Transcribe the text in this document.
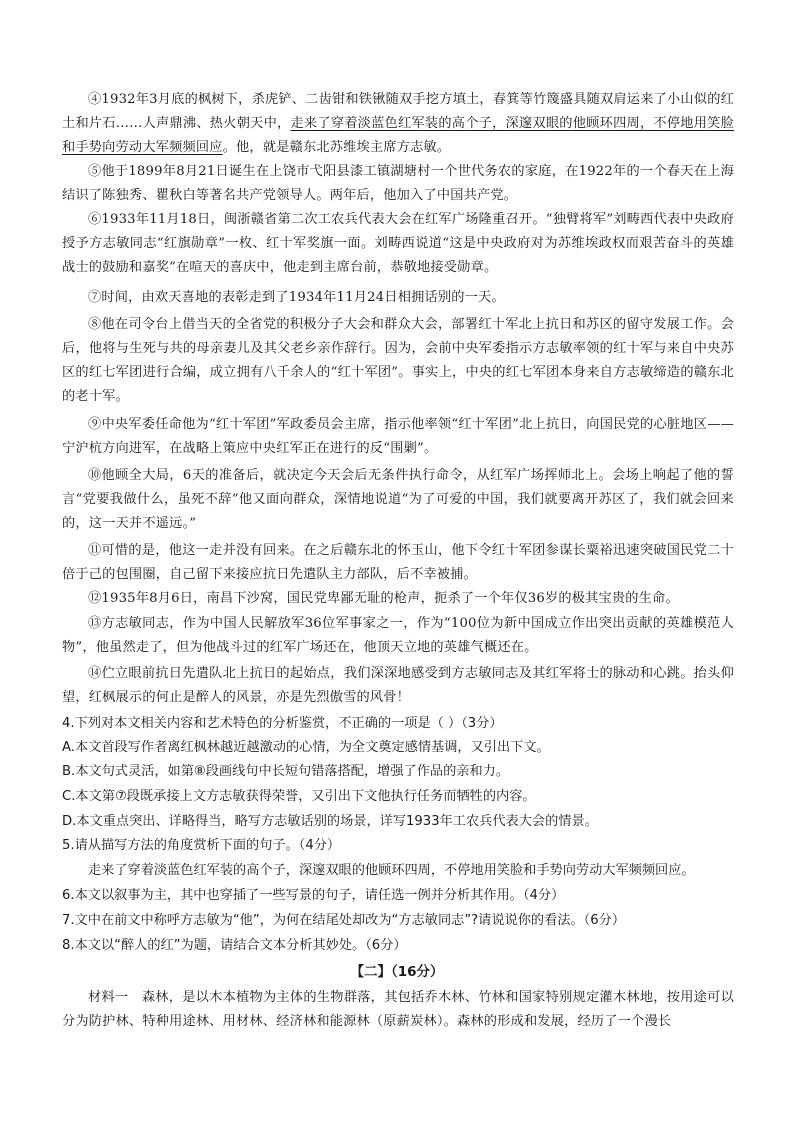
④1932年3月底的枫树下，杀虎铲、二齿钳和铁锹随双手挖方填土，春箕等竹篾盛具随双肩运来了小山似的红土和片石……人声鼎沸、热火朝天中，走来了穿着淡蓝色红军装的高个子，深邃双眼的他顾环四周，不停地用笑脸和手势向劳动大军频频回应。他，就是赣东北苏维埃主席方志敏。

⑤他于1899年8月21日诞生在上饶市弋阳县漆工镇湖塘村一个世代务农的家庭，在1922年的一个春天在上海结识了陈独秀、瞿秋白等著名共产党领导人。两年后，他加入了中国共产党。

⑥1933年11月18日，闽浙赣省第二次工农兵代表大会在红军广场隆重召开。“独臂将军”刘畴西代表中央政府授予方志敏同志“红旗勋章”一枚、红十军奖旗一面。刘畴西说道“这是中央政府对为苏维埃政权而艰苦奋斗的英雄战士的鼓励和嘉奖”在喧天的喜庆中，他走到主席台前，恭敬地接受勋章。

⑦时间，由欢天喜地的表彰走到了1934年11月24日相拥话别的一天。

⑧他在司令台上借当天的全省党的积极分子大会和群众大会，部署红十军北上抗日和苏区的留守发展工作。会后，他将与生死与共的母亲妻儿及其父老乡亲作辞行。因为，会前中央军委指示方志敏率领的红十军与来自中央苏区的红七军团进行合编，成立拥有八千余人的“红十军团”。事实上，中央的红七军团本身来自方志敏缔造的赣东北的老十军。

⑨中央军委任命他为“红十军团”军政委员会主席，指示他率领“红十军团”北上抗日，向国民党的心脏地区——宁沪杭方向进军，在战略上策应中央红军正在进行的反“围剿”。

⑩他顾全大局，6天的准备后，就决定今天会后无条件执行命令，从红军广场挥师北上。会场上响起了他的誓言“党要我做什么，虽死不辞”他又面向群众，深情地说道“为了可爱的中国，我们就要离开苏区了，我们就会回来的，这一天并不遥远。”

⑪可惜的是，他这一走并没有回来。在之后赣东北的怀玉山，他下令红十军团参谋长粟裕迅速突破国民党二十倍于己的包围圈，自己留下来接应抗日先遣队主力部队，后不幸被捕。

⑫1935年8月6日，南昌下沙窝，国民党卑鄙无耻的枪声，扼杀了一个年仅36岁的极其宝贵的生命。

⑬方志敏同志，作为中国人民解放军36位军事家之一，作为“100位为新中国成立作出突出贡献的英雄模范人物”，他虽然走了，但为他战斗过的红军广场还在，他顶天立地的英雄气概还在。

⑭伫立眼前抗日先遣队北上抗日的起始点，我们深深地感受到方志敏同志及其红军将士的脉动和心跳。抬头仰望，红枫展示的何止是醉人的风景，亦是先烈傲雪的风骨！

4.下列对本文相关内容和艺术特色的分析鉴赏，不正确的一项是（ ）（3分）

A.本文首段写作者离红枫林越近越激动的心情，为全文奠定感情基调，又引出下文。

B.本文句式灵活，如第⑧段画线句中长短句错落搭配，增强了作品的亲和力。

C.本文第⑦段既承接上文方志敏获得荣誉，又引出下文他执行任务而牺牲的内容。

D.本文重点突出、详略得当，略写方志敏话别的场景，详写1933年工农兵代表大会的情景。

5.请从描写方法的角度赏析下面的句子。（4分）

走来了穿着淡蓝色红军装的高个子，深邃双眼的他顾环四周，不停地用笑脸和手势向劳动大军频频回应。

6.本文以叙事为主，其中也穿插了一些写景的句子，请任选一例并分析其作用。（4分）

7.文中在前文中称呼方志敏为“他”，为何在结尾处却改为“方志敏同志”?请说说你的看法。（6分）

8.本文以“醉人的红”为题，请结合文本分析其妙处。（6分）

【二】（16分）

材料一　森林，是以木本植物为主体的生物群落，其包括乔木林、竹林和国家特别规定灌木林地，按用途可以分为防护林、特种用途林、用材林、经济林和能源林（原薪炭林）。森林的形成和发展，经历了一个漫长
